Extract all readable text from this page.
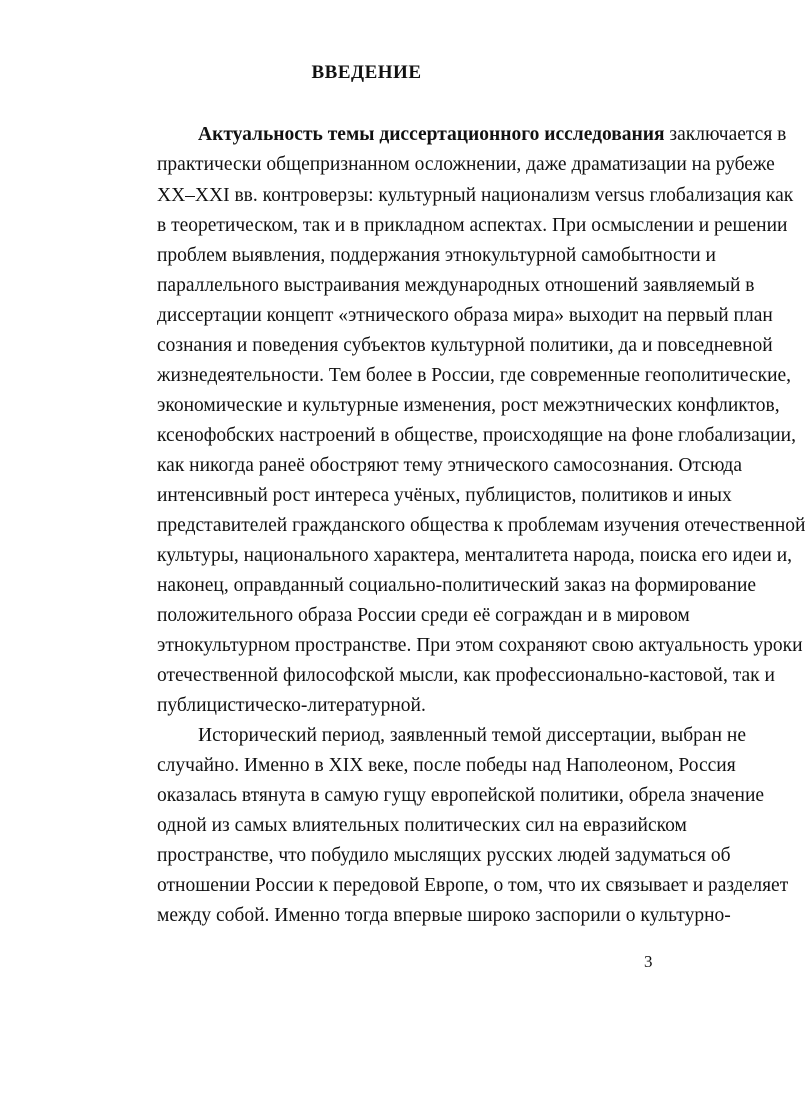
ВВЕДЕНИЕ
Актуальность темы диссертационного исследования заключается в
практически общепризнанном осложнении, даже драматизации на рубеже
XX–XXI вв. контроверзы: культурный национализм versus глобализация как
в теоретическом, так и в прикладном аспектах. При осмыслении и решении
проблем выявления, поддержания этнокультурной самобытности и
параллельного выстраивания международных отношений заявляемый в
диссертации концепт «этнического образа мира» выходит на первый план
сознания и поведения субъектов культурной политики, да и повседневной
жизнедеятельности. Тем более в России, где современные геополитические,
экономические и культурные изменения, рост межэтнических конфликтов,
ксенофобских настроений в обществе, происходящие на фоне глобализации,
как никогда ранеё обостряют тему этнического самосознания. Отсюда
интенсивный рост интереса учёных, публицистов, политиков и иных
представителей гражданского общества к проблемам изучения отечественной
культуры, национального характера, менталитета народа, поиска его идеи и,
наконец, оправданный социально-политический заказ на формирование
положительного образа России среди её сограждан и в мировом
этнокультурном пространстве. При этом сохраняют свою актуальность уроки
отечественной философской мысли, как профессионально-кастовой, так и
публицистическо-литературной.
Исторический период, заявленный темой диссертации, выбран не
случайно. Именно в XIX веке, после победы над Наполеоном, Россия
оказалась втянута в самую гущу европейской политики, обрела значение
одной из самых влиятельных политических сил на евразийском
пространстве, что побудило мыслящих русских людей задуматься об
отношении России к передовой Европе, о том, что их связывает и разделяет
между собой. Именно тогда впервые широко заспорили о культурно-
3
